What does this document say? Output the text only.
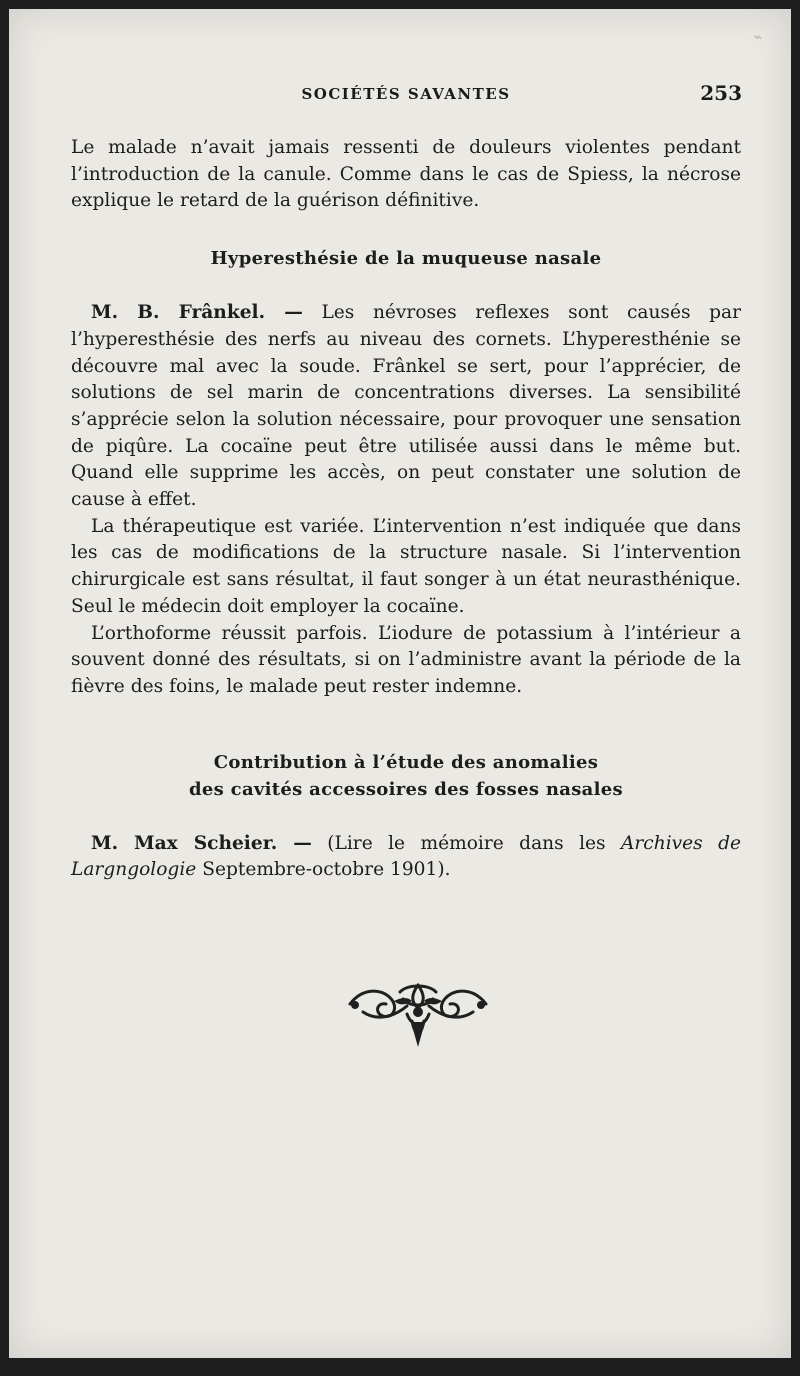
⌁
SOCIÉTÉS SAVANTES	253

Le malade n’avait jamais ressenti de douleurs violentes pendant l’introduction de la canule. Comme dans le cas de Spiess, la nécrose explique le retard de la guérison définitive.

Hyperesthésie de la muqueuse nasale

M. B. Frânkel. — Les névroses reflexes sont causés par l’hyperesthésie des nerfs au niveau des cornets. L’hyperesthénie se découvre mal avec la soude. Frânkel se sert, pour l’apprécier, de solutions de sel marin de concentrations diverses. La sensibilité s’apprécie selon la solution nécessaire, pour provoquer une sensation de piqûre. La cocaïne peut être utilisée aussi dans le même but. Quand elle supprime les accès, on peut constater une solution de cause à effet.

La thérapeutique est variée. L’intervention n’est indiquée que dans les cas de modifications de la structure nasale. Si l’intervention chirurgicale est sans résultat, il faut songer à un état neurasthénique. Seul le médecin doit employer la cocaïne.

L’orthoforme réussit parfois. L’iodure de potassium à l’intérieur a souvent donné des résultats, si on l’administre avant la période de la fièvre des foins, le malade peut rester indemne.

Contribution à l’étude des anomalies
des cavités accessoires des fosses nasales

M. Max Scheier. — (Lire le mémoire dans les Archives de Largngologie Septembre-octobre 1901).
